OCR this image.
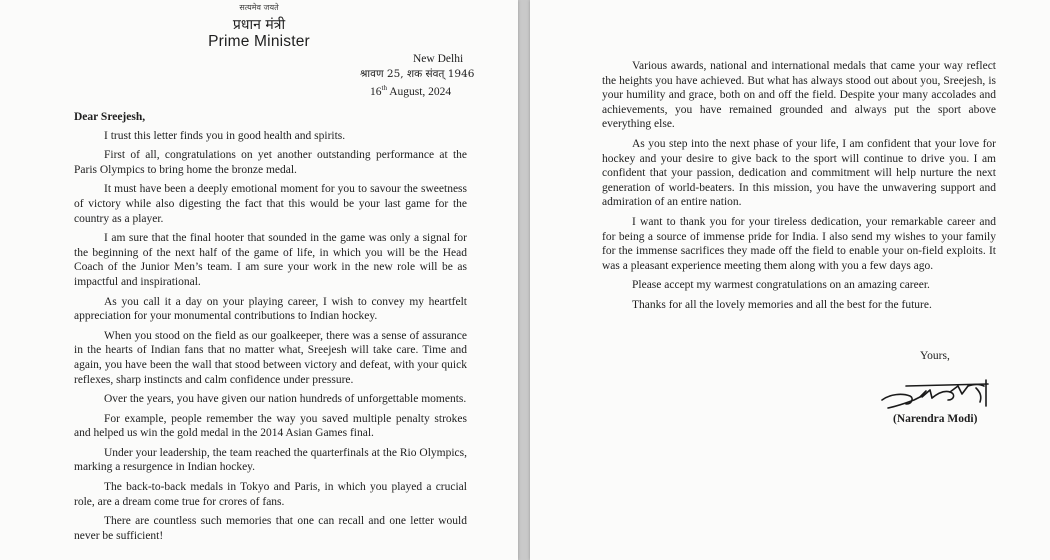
सत्यमेव जयते
प्रधान मंत्री
Prime Minister
New Delhi
श्रावण 25, शक संवत् 1946
16th August, 2024

Dear Sreejesh,

I trust this letter finds you in good health and spirits.

First of all, congratulations on yet another outstanding performance at the Paris Olympics to bring home the bronze medal.

It must have been a deeply emotional moment for you to savour the sweetness of victory while also digesting the fact that this would be your last game for the country as a player.

I am sure that the final hooter that sounded in the game was only a signal for the beginning of the next half of the game of life, in which you will be the Head Coach of the Junior Men’s team. I am sure your work in the new role will be as impactful and inspirational.

As you call it a day on your playing career, I wish to convey my heartfelt appreciation for your monumental contributions to Indian hockey.

When you stood on the field as our goalkeeper, there was a sense of assurance in the hearts of Indian fans that no matter what, Sreejesh will take care. Time and again, you have been the wall that stood between victory and defeat, with your quick reflexes, sharp instincts and calm confidence under pressure.

Over the years, you have given our nation hundreds of unforgettable moments.

For example, people remember the way you saved multiple penalty strokes and helped us win the gold medal in the 2014 Asian Games final.

Under your leadership, the team reached the quarterfinals at the Rio Olympics, marking a resurgence in Indian hockey.

The back-to-back medals in Tokyo and Paris, in which you played a crucial role, are a dream come true for crores of fans.

There are countless such memories that one can recall and one letter would never be sufficient!

Various awards, national and international medals that came your way reflect the heights you have achieved. But what has always stood out about you, Sreejesh, is your humility and grace, both on and off the field. Despite your many accolades and achievements, you have remained grounded and always put the sport above everything else.

As you step into the next phase of your life, I am confident that your love for hockey and your desire to give back to the sport will continue to drive you. I am confident that your passion, dedication and commitment will help nurture the next generation of world-beaters. In this mission, you have the unwavering support and admiration of an entire nation.

I want to thank you for your tireless dedication, your remarkable career and for being a source of immense pride for India. I also send my wishes to your family for the immense sacrifices they made off the field to enable your on-field exploits. It was a pleasant experience meeting them along with you a few days ago.

Please accept my warmest congratulations on an amazing career.

Thanks for all the lovely memories and all the best for the future.

Yours,
(Narendra Modi)
